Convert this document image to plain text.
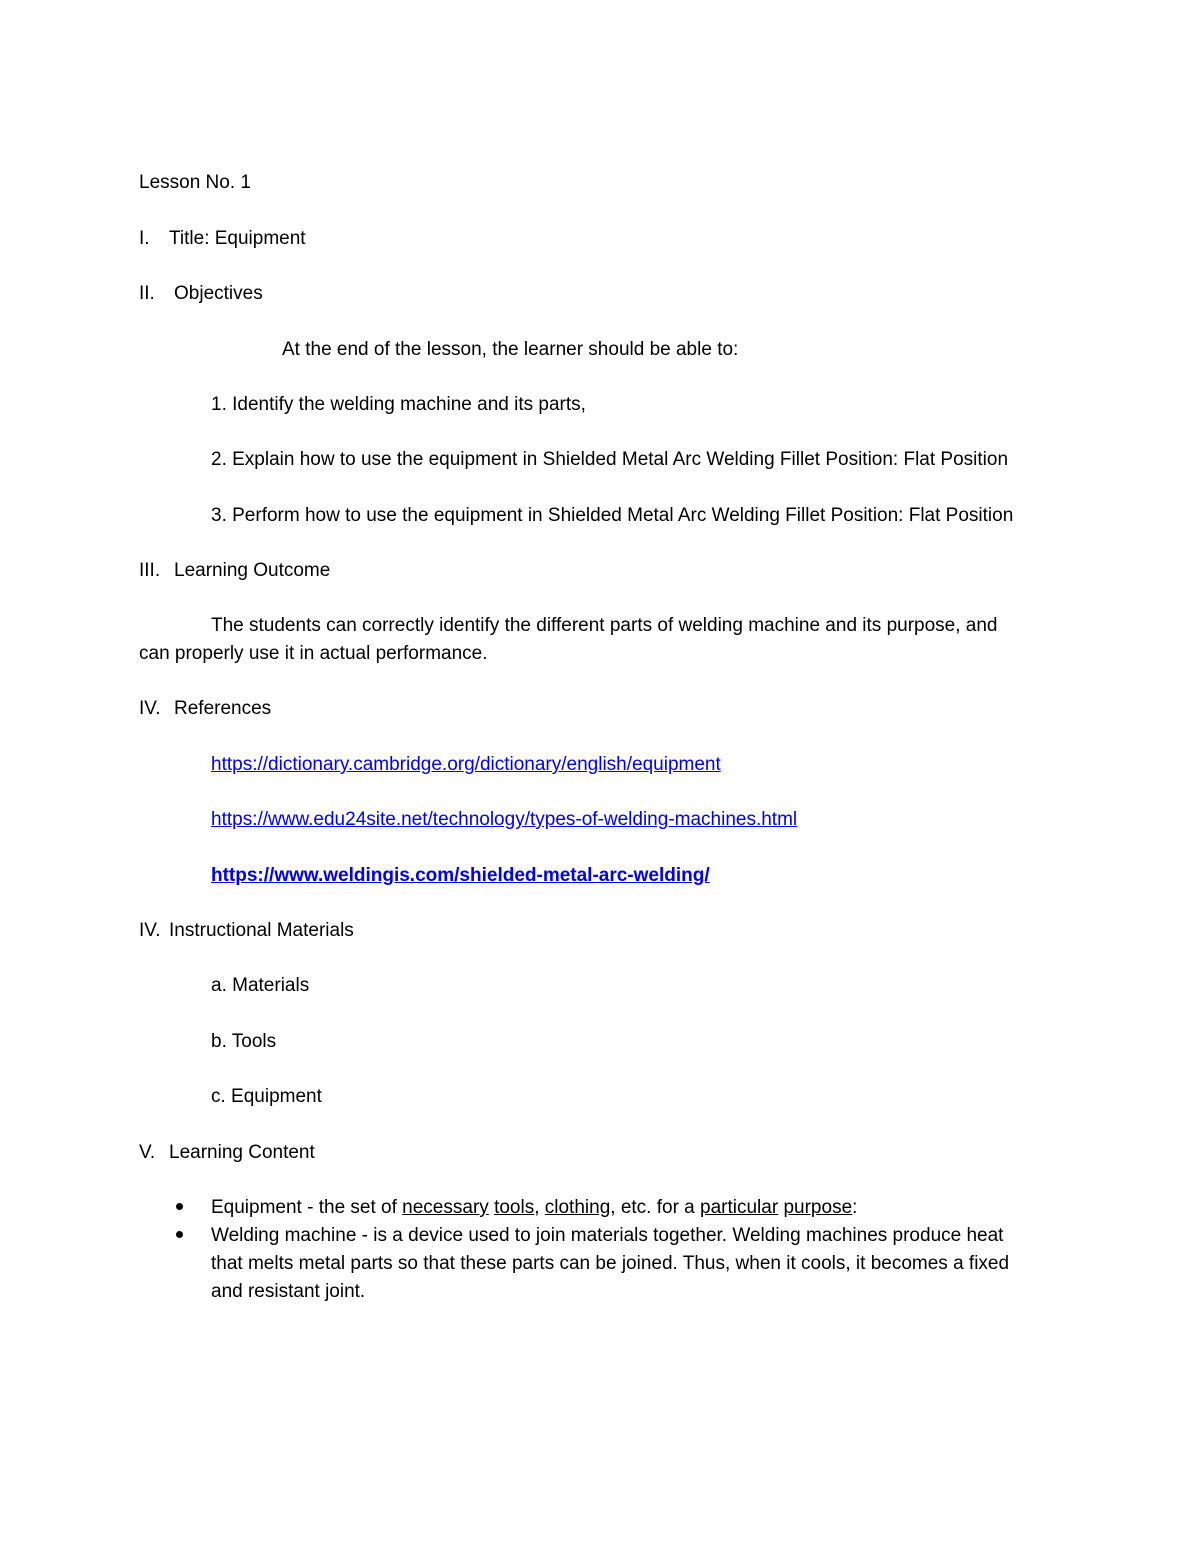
Lesson No. 1
I. Title: Equipment
II. Objectives
At the end of the lesson, the learner should be able to:
1. Identify the welding machine and its parts,
2. Explain how to use the equipment in Shielded Metal Arc Welding Fillet Position: Flat Position
3. Perform how to use the equipment in Shielded Metal Arc Welding Fillet Position: Flat Position
III. Learning Outcome
The students can correctly identify the different parts of welding machine and its purpose, and
can properly use it in actual performance.
IV. References
https://dictionary.cambridge.org/dictionary/english/equipment
https://www.edu24site.net/technology/types-of-welding-machines.html
https://www.weldingis.com/shielded-metal-arc-welding/
IV. Instructional Materials
a. Materials
b. Tools
c. Equipment
V. Learning Content
Equipment - the set of necessary tools, clothing, etc. for a particular purpose:
Welding machine - is a device used to join materials together. Welding machines produce heat
that melts metal parts so that these parts can be joined. Thus, when it cools, it becomes a fixed
and resistant joint.
